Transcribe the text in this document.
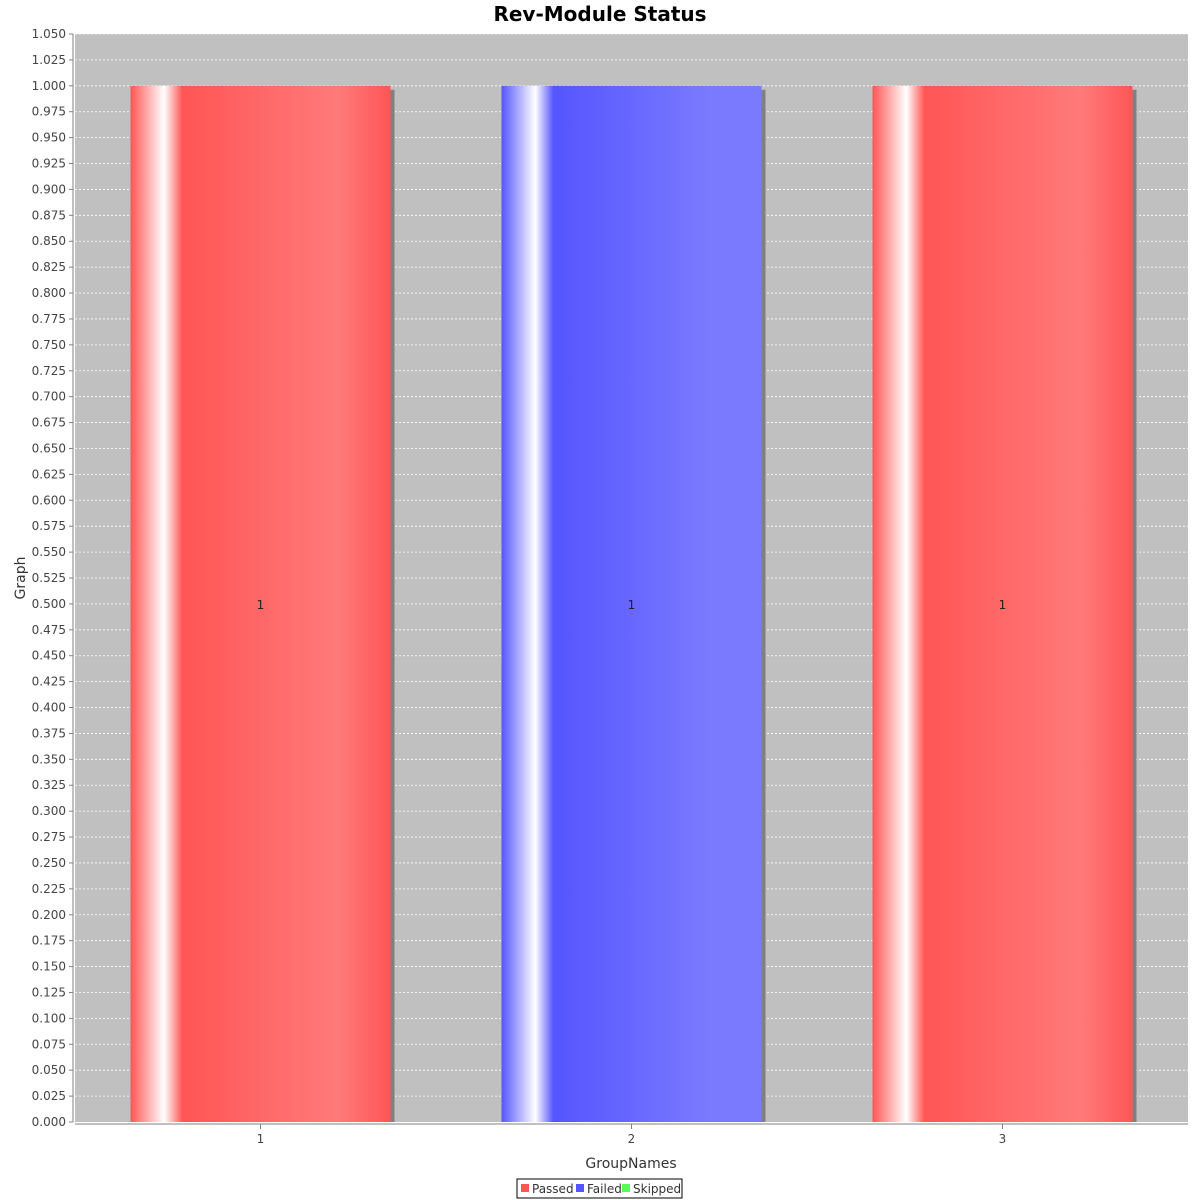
Rev-Module Status
1	1	1
0.000
0.025
0.050
0.075
0.100
0.125
0.150
0.175
0.200
0.225
0.250
0.275
0.300
0.325
0.350
0.375
0.400
0.425
0.450
0.475
0.500
0.525
0.550
0.575
0.600
0.625
0.650
0.675
0.700
0.725
0.750
0.775
0.800
0.825
0.850
0.875
0.900
0.925
0.950
0.975
1.000
1.025
1.050
1	2	3
Graph
GroupNames
Passed Failed Skipped
